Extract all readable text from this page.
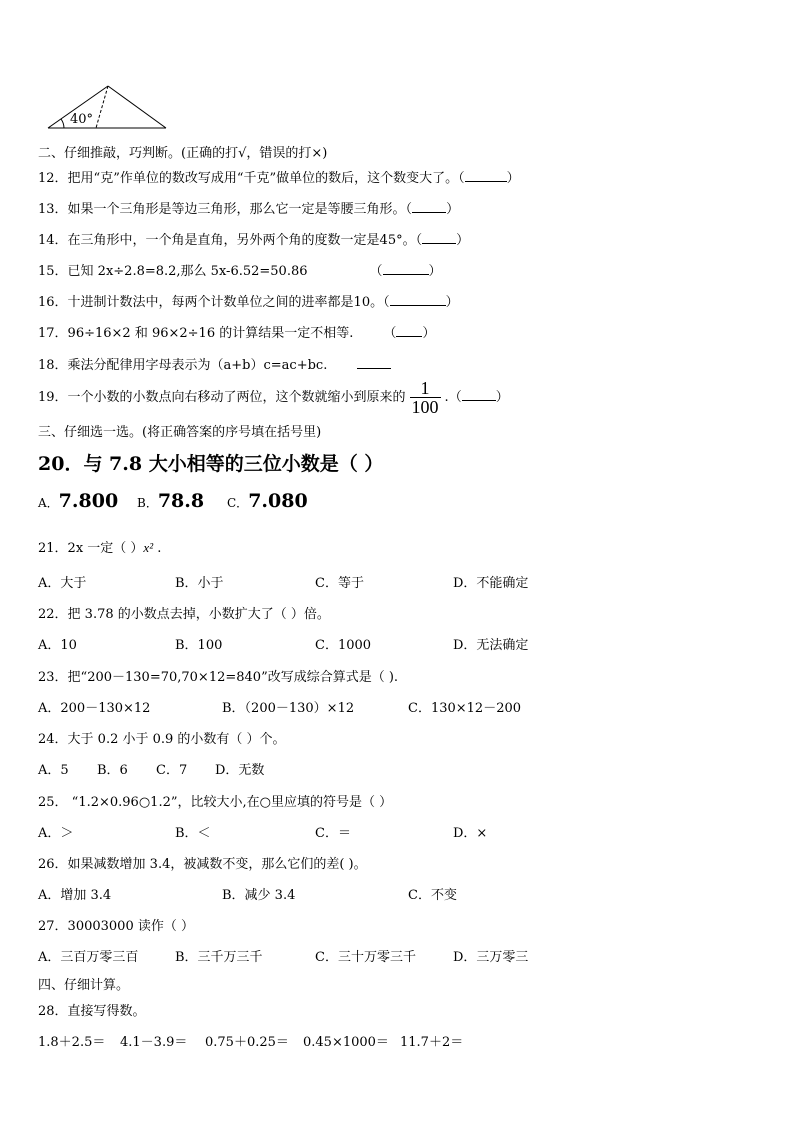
40°
二、仔细推敲，巧判断。(正确的打√，错误的打×)
12．把用“克”作单位的数改写成用“千克”做单位的数后，这个数变大了。（	）
13．如果一个三角形是等边三角形，那么它一定是等腰三角形。（	）
14．在三角形中，一个角是直角，另外两个角的度数一定是45°。（	）
15．已知 2x÷2.8=8.2,那么 5x-6.52=50.86	（	）
16．十进制计数法中，每两个计数单位之间的进率都是10。（	）
17．96÷16×2 和 96×2÷16 的计算结果一定不相等. （ ）
18．乘法分配律用字母表示为（a+b）c=ac+bc.
19．一个小数的小数点向右移动了两位，这个数就缩小到原来的 $\frac{1}{100}$ .（	）
三、仔细选一选。(将正确答案的序号填在括号里)
20．与 7.8 大小相等的三位小数是（ ）
A．7.800 B．78.8 C．7.080
21．2x 一定（ ）x² .
A．大于	B．小于	C．等于	D．不能确定
22．把 3.78 的小数点去掉，小数扩大了（ ）倍。
A．10	B．100	C．1000	D．无法确定
23．把“200－130=70,70×12=840”改写成综合算式是（ ).
A．200－130×12	B．（200－130）×12	C．130×12－200
24．大于 0.2 小于 0.9 的小数有（ ）个。
A．5 B．6 C．7 D．无数
25． “1.2×0.96○1.2”，比较大小,在○里应填的符号是（ ）
A．＞	B．＜	C．＝	D．×
26．如果减数增加 3.4，被减数不变，那么它们的差( )。
A．增加 3.4	B．减少 3.4	C．不变
27．30003000 读作（ ）
A．三百万零三百	B．三千万三千	C．三十万零三千	D．三万零三
四、仔细计算。
28．直接写得数。
1.8＋2.5＝ 4.1－3.9＝ 0.75＋0.25＝ 0.45×1000＝ 11.7＋2＝
